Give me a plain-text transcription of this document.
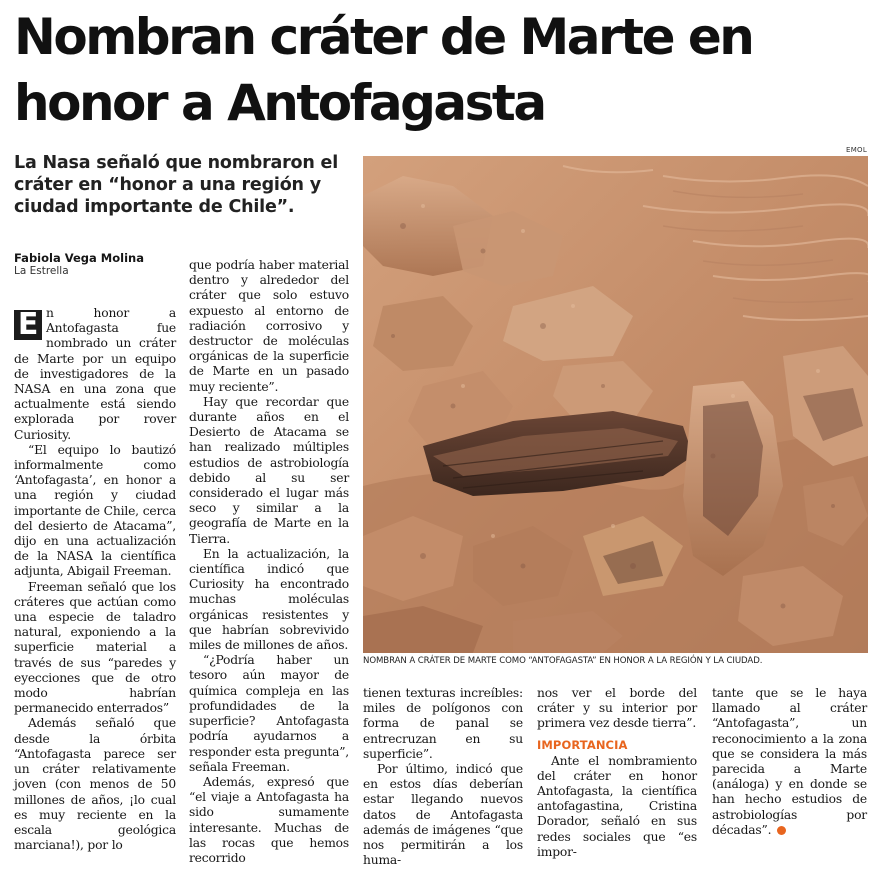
Nombran cráter de Marte en honor a Antofagasta

La Nasa señaló que nombraron el cráter en “honor a una región y ciudad importante de Chile”.

Fabiola Vega Molina
La Estrella
EMOL
NOMBRAN A CRÁTER DE MARTE COMO “ANTOFAGASTA” EN HONOR A LA REGIÓN Y LA CIUDAD.

E n honor a Antofagasta fue nombrado un cráter de Marte por un equipo de investigadores de la NASA en una zona que actualmente está siendo explorada por rover Curiosity.

“El equipo lo bautizó informalmente como ‘Antofagasta’, en honor a una región y ciudad importante de Chile, cerca del desierto de Atacama”, dijo en una actualización de la NASA la científica adjunta, Abigail Freeman.

Freeman señaló que los cráteres que actúan como una especie de taladro natural, exponiendo a la superficie material a través de sus “paredes y eyecciones que de otro modo habrían permanecido enterrados”

Además señaló que desde la órbita “Antofagasta parece ser un cráter relativamente joven (con menos de 50 millones de años, ¡lo cual es muy reciente en la escala geológica marciana!), por lo

que podría haber material dentro y alrededor del cráter que solo estuvo expuesto al entorno de radiación corrosivo y destructor de moléculas orgánicas de la superficie de Marte en un pasado muy reciente”.

Hay que recordar que durante años en el Desierto de Atacama se han realizado múltiples estudios de astrobiología debido al su ser considerado el lugar más seco y similar a la geografía de Marte en la Tierra.

En la actualización, la científica indicó que Curiosity ha encontrado muchas moléculas orgánicas resistentes y que habrían sobrevivido miles de millones de años.

“¿Podría haber un tesoro aún mayor de química compleja en las profundidades de la superficie? Antofagasta podría ayudarnos a responder esta pregunta”, señala Freeman.

Además, expresó que “el viaje a Antofagasta ha sido sumamente interesante. Muchas de las rocas que hemos recorrido

tienen texturas increíbles: miles de polígonos con forma de panal se entrecruzan en su superficie”.

Por último, indicó que en estos días deberían estar llegando nuevos datos de Antofagasta además de imágenes “que nos permitirán a los huma-

nos ver el borde del cráter y su interior por primera vez desde tierra”.

IMPORTANCIA

Ante el nombramiento del cráter en honor Antofagasta, la científica antofagastina, Cristina Dorador, señaló en sus redes sociales que “es impor-

tante que se le haya llamado al cráter “Antofagasta”, un reconocimiento a la zona que se considera la más parecida a Marte (análoga) y en donde se han hecho estudios de astrobiologías por décadas”.
